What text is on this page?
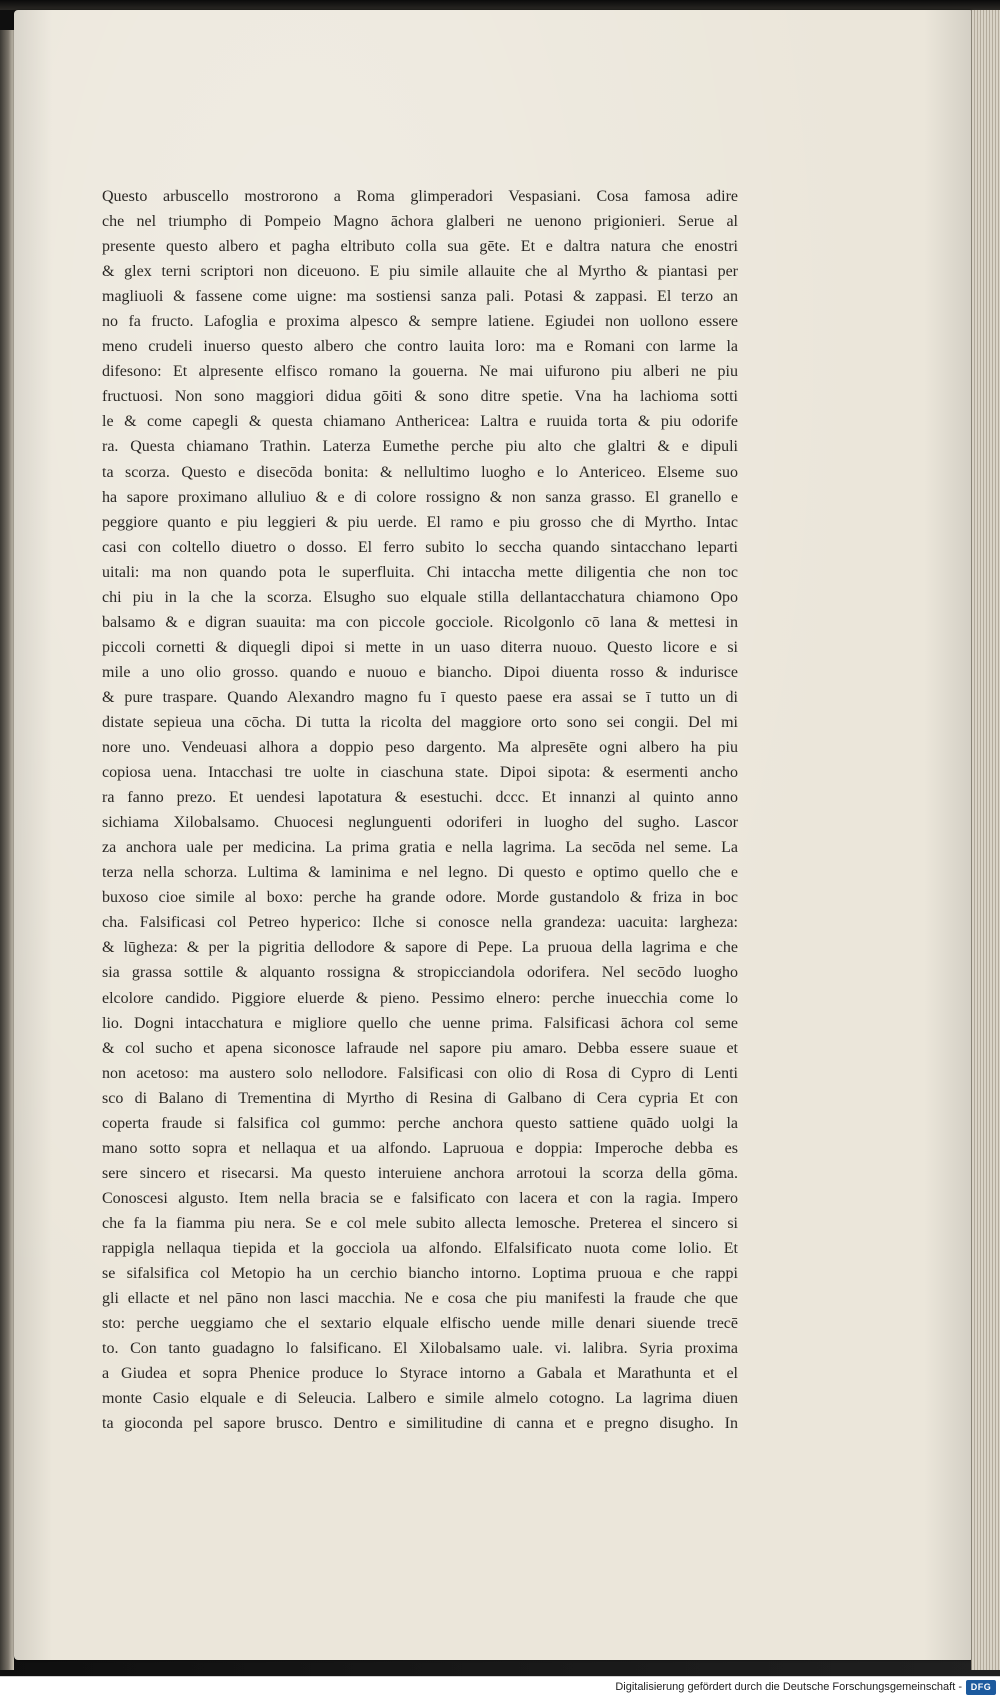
Questo arbuscello mostrorono a Roma glimperadori Vespasiani. Cosa famosa adire
che nel triumpho di Pompeio Magno āchora glalberi ne uenono prigionieri. Serue al
presente questo albero et pagha eltributo colla sua gēte. Et e daltra natura che enostri
& glex terni scriptori non diceuono. E piu simile allauite che al Myrtho & piantasi per
magliuoli & fassene come uigne: ma sostiensi sanza pali. Potasi & zappasi. El terzo an
no fa fructo. Lafoglia e proxima alpesco & sempre latiene. Egiudei non uollono essere
meno crudeli inuerso questo albero che contro lauita loro: ma e Romani con larme la
difesono: Et alpresente elfisco romano la gouerna. Ne mai uifurono piu alberi ne piu
fructuosi. Non sono maggiori didua gōiti & sono ditre spetie. Vna ha lachioma sotti
le & come capegli & questa chiamano Anthericea: Laltra e ruuida torta & piu odorife
ra. Questa chiamano Trathin. Laterza Eumethe perche piu alto che glaltri & e dipuli
ta scorza. Questo e disecōda bonita: & nellultimo luogho e lo Antericeo. Elseme suo
ha sapore proximano alluliuo & e di colore rossigno & non sanza grasso. El granello e
peggiore quanto e piu leggieri & piu uerde. El ramo e piu grosso che di Myrtho. Intac
casi con coltello diuetro o dosso. El ferro subito lo seccha quando sintacchano leparti
uitali: ma non quando pota le superfluita. Chi intaccha mette diligentia che non toc
chi piu in la che la scorza. Elsugho suo elquale stilla dellantacchatura chiamono Opo
balsamo & e digran suauita: ma con piccole gocciole. Ricolgonlo cō lana & mettesi in
piccoli cornetti & diquegli dipoi si mette in un uaso diterra nuouo. Questo licore e si
mile a uno olio grosso. quando e nuouo e biancho. Dipoi diuenta rosso & indurisce
& pure traspare. Quando Alexandro magno fu ī questo paese era assai se ī tutto un di
distate sepieua una cōcha. Di tutta la ricolta del maggiore orto sono sei congii. Del mi
nore uno. Vendeuasi alhora a doppio peso dargento. Ma alpresēte ogni albero ha piu
copiosa uena. Intacchasi tre uolte in ciaschuna state. Dipoi sipota: & esermenti ancho
ra fanno prezo. Et uendesi lapotatura & esestuchi. dccc. Et innanzi al quinto anno
sichiama Xilobalsamo. Chuocesi neglunguenti odoriferi in luogho del sugho. Lascor
za anchora uale per medicina. La prima gratia e nella lagrima. La secōda nel seme. La
terza nella schorza. Lultima & laminima e nel legno. Di questo e optimo quello che e
buxoso cioe simile al boxo: perche ha grande odore. Morde gustandolo & friza in boc
cha. Falsificasi col Petreo hyperico: Ilche si conosce nella grandeza: uacuita: largheza:
& lūgheza: & per la pigritia dellodore & sapore di Pepe. La pruoua della lagrima e che
sia grassa sottile & alquanto rossigna & stropicciandola odorifera. Nel secōdo luogho
elcolore candido. Piggiore eluerde & pieno. Pessimo elnero: perche inuecchia come lo
lio. Dogni intacchatura e migliore quello che uenne prima. Falsificasi āchora col seme
& col sucho et apena siconosce lafraude nel sapore piu amaro. Debba essere suaue et
non acetoso: ma austero solo nellodore. Falsificasi con olio di Rosa di Cypro di Lenti
sco di Balano di Trementina di Myrtho di Resina di Galbano di Cera cypria Et con
coperta fraude si falsifica col gummo: perche anchora questo sattiene quādo uolgi la
mano sotto sopra et nellaqua et ua alfondo. Lapruoua e doppia: Imperoche debba es
sere sincero et risecarsi. Ma questo interuiene anchora arrotoui la scorza della gōma.
Conoscesi algusto. Item nella bracia se e falsificato con lacera et con la ragia. Impero
che fa la fiamma piu nera. Se e col mele subito allecta lemosche. Preterea el sincero si
rappigla nellaqua tiepida et la gocciola ua alfondo. Elfalsificato nuota come lolio. Et
se sifalsifica col Metopio ha un cerchio biancho intorno. Loptima pruoua e che rappi
gli ellacte et nel pāno non lasci macchia. Ne e cosa che piu manifesti la fraude che que
sto: perche ueggiamo che el sextario elquale elfischo uende mille denari siuende trecē
to. Con tanto guadagno lo falsificano. El Xilobalsamo uale. vi. lalibra. Syria proxima
a Giudea et sopra Phenice produce lo Styrace intorno a Gabala et Marathunta et el
monte Casio elquale e di Seleucia. Lalbero e simile almelo cotogno. La lagrima diuen
ta gioconda pel sapore brusco. Dentro e similitudine di canna et e pregno disugho. In
Digitalisierung gefördert durch die Deutsche Forschungsgemeinschaft - DFG
